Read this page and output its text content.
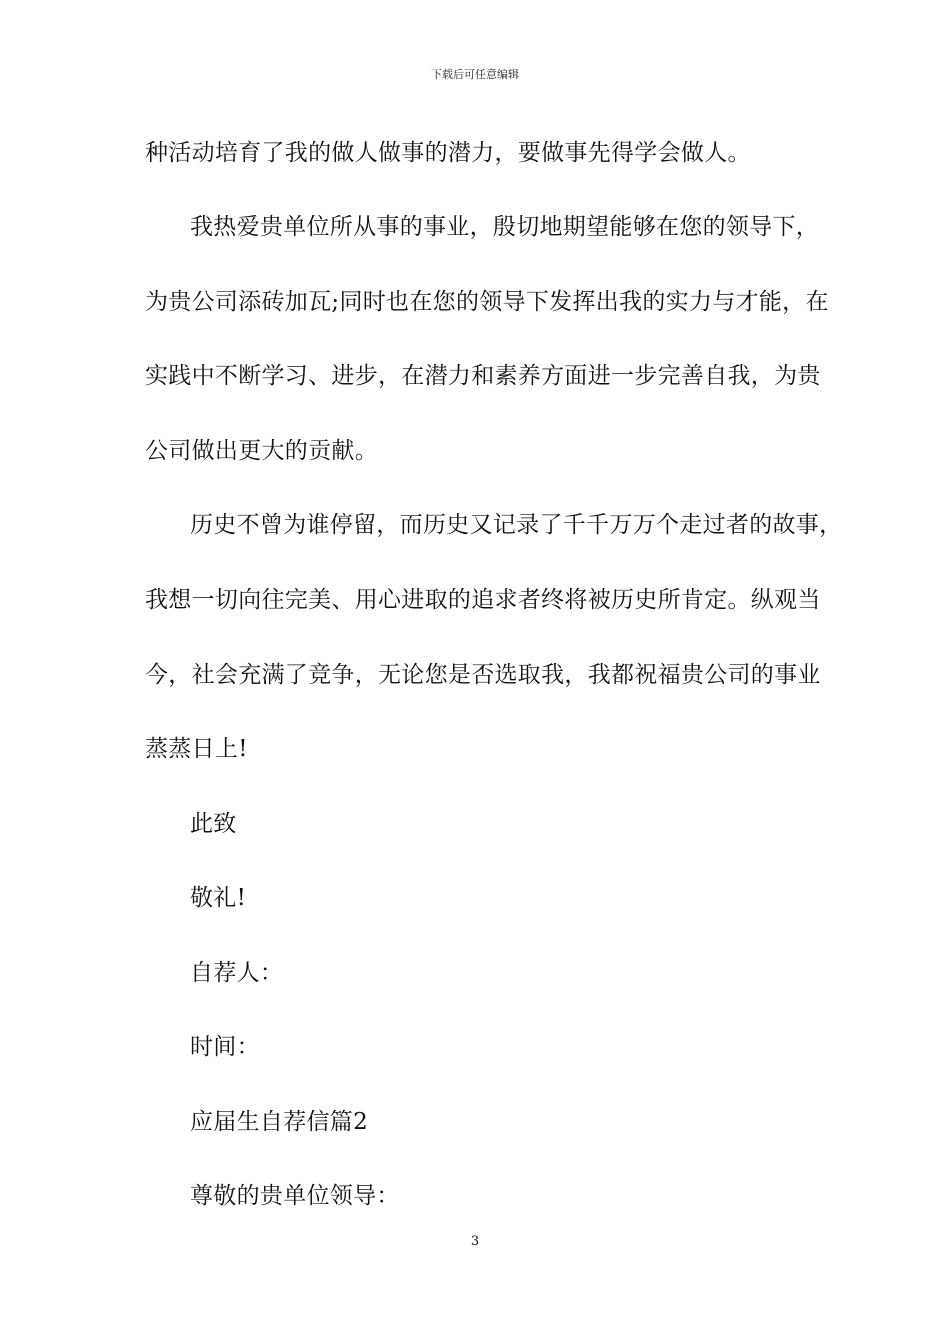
下载后可任意编辑
种活动培育了我的做人做事的潜力，要做事先得学会做人。
我热爱贵单位所从事的事业，殷切地期望能够在您的领导下，
为贵公司添砖加瓦;同时也在您的领导下发挥出我的实力与才能，在
实践中不断学习、进步，在潜力和素养方面进一步完善自我，为贵
公司做出更大的贡献。
历史不曾为谁停留，而历史又记录了千千万万个走过者的故事，
我想一切向往完美、用心进取的追求者终将被历史所肯定。纵观当
今，社会充满了竞争，无论您是否选取我，我都祝福贵公司的事业
蒸蒸日上!
此致
敬礼!
自荐人：
时间：
应届生自荐信篇2
尊敬的贵单位领导：
3
